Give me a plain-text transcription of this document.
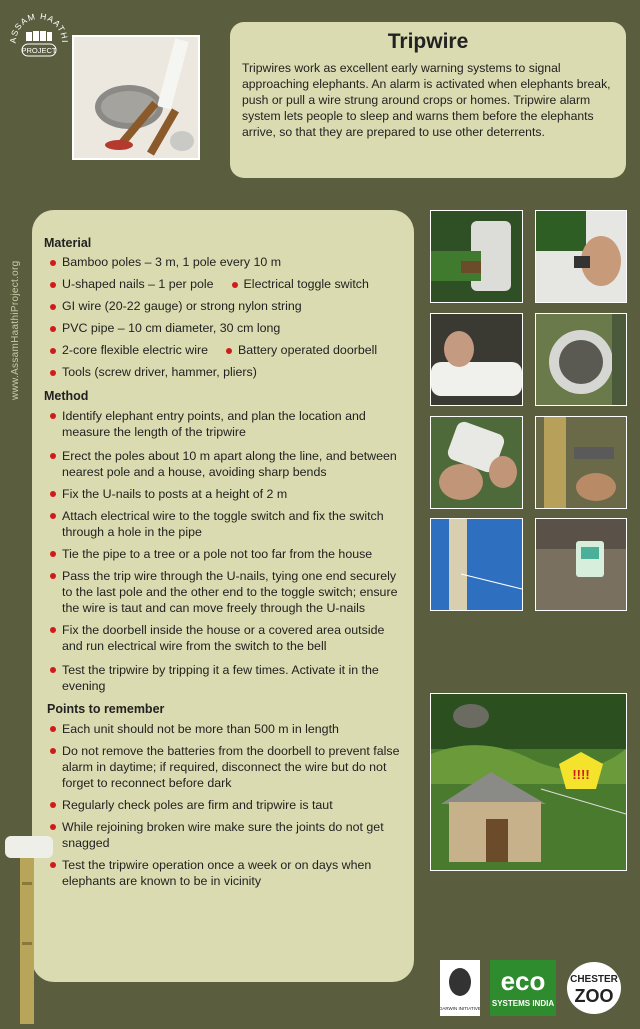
ASSAM HAATHI
PROJECT	Tripwire

Tripwires work as excellent early warning systems to signal approaching elephants. An alarm is activated when elephants break, push or pull a wire strung around crops or homes. Tripwire alarm system lets people to sleep and warns them before the elephants arrive, so that they are prepared to use other deterrents.

www.AssamHaathiProject.org
Material
Bamboo poles – 3 m, 1 pole every 10 m
U-shaped nails – 1 per pole Electrical toggle switch
GI wire (20-22 gauge) or strong nylon string
PVC pipe – 10 cm diameter, 30 cm long
2-core flexible electric wire Battery operated doorbell
Tools (screw driver, hammer, pliers)
Method
Identify elephant entry points, and plan the location and measure the length of the tripwire
Erect the poles about 10 m apart along the line, and between nearest pole and a house, avoiding sharp bends
Fix the U-nails to posts at a height of 2 m
Attach electrical wire to the toggle switch and fix the switch through a hole in the pipe
Tie the pipe to a tree or a pole not too far from the house
Pass the trip wire through the U-nails, tying one end securely to the last pole and the other end to the toggle switch; ensure the wire is taut and can move freely through the U-nails
Fix the doorbell inside the house or a covered area outside and run electrical wire from the switch to the bell
Test the tripwire by tripping it a few times. Activate it in the evening
Points to remember
Each unit should not be more than 500 m in length
Do not remove the batteries from the doorbell to prevent false alarm in daytime; if required, disconnect the wire but do not forget to reconnect before dark
Regularly check poles are firm and tripwire is taut
While rejoining broken wire make sure the joints do not get snagged
Test the tripwire operation once a week or on days when elephants are known to be in vicinity
!!!!
DARWIN INITIATIVE
eco
SYSTEMS INDIA
CHESTER
ZOO
